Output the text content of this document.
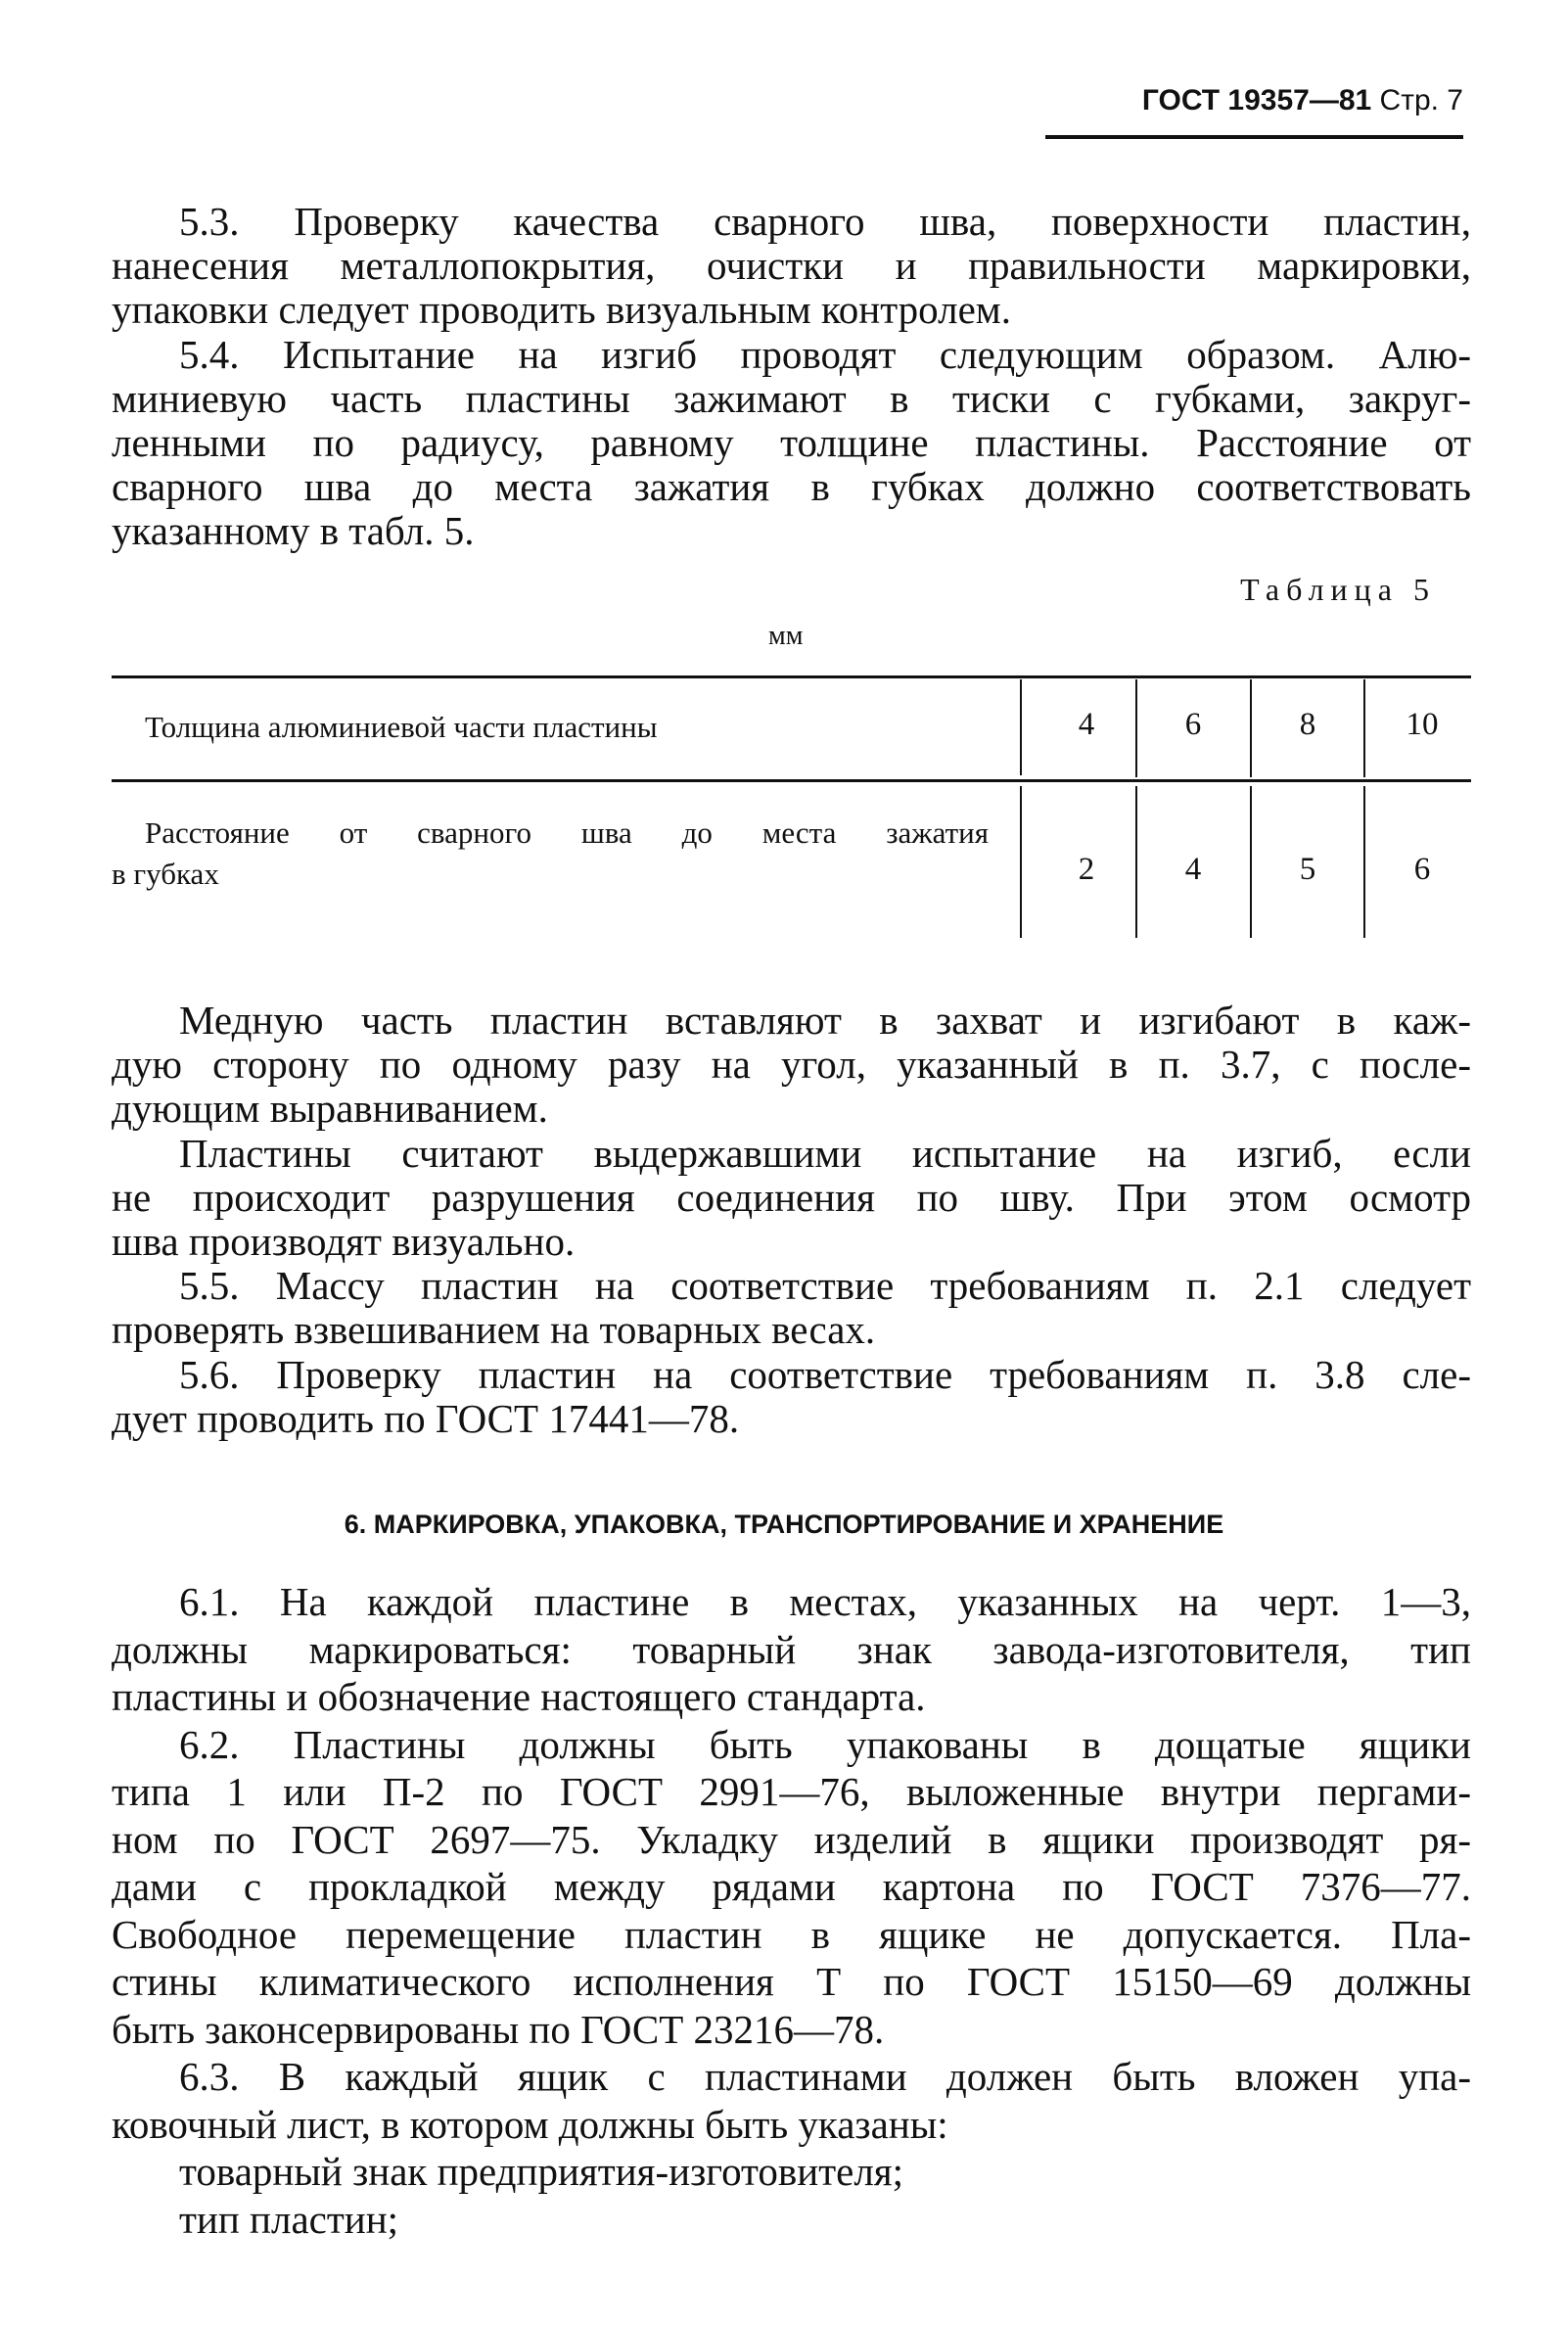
ГОСТ 19357—81 Стр. 7
5.3. Проверку качества сварного шва, поверхности пластин,
нанесения металлопокрытия, очистки и правильности маркировки,
упаковки следует проводить визуальным контролем.
5.4. Испытание на изгиб проводят следующим образом. Алю-
миниевую часть пластины зажимают в тиски с губками, закруг-
ленными по радиусу, равному толщине пластины. Расстояние от
сварного шва до места зажатия в губках должно соответствовать
указанному в табл. 5.
Таблица 5
мм
Толщина алюминиевой части пластины	4	6	8	10
Расстояние от сварного шва до места зажатия
в губках	2	4	5	6
Медную часть пластин вставляют в захват и изгибают в каж-
дую сторону по одному разу на угол, указанный в п. 3.7, с после-
дующим выравниванием.
Пластины считают выдержавшими испытание на изгиб, если
не происходит разрушения соединения по шву. При этом осмотр
шва производят визуально.
5.5. Массу пластин на соответствие требованиям п. 2.1 следует
проверять взвешиванием на товарных весах.
5.6. Проверку пластин на соответствие требованиям п. 3.8 сле-
дует проводить по ГОСТ 17441—78.
6. МАРКИРОВКА, УПАКОВКА, ТРАНСПОРТИРОВАНИЕ И ХРАНЕНИЕ
6.1. На каждой пластине в местах, указанных на черт. 1—3,
должны маркироваться: товарный знак завода-изготовителя, тип
пластины и обозначение настоящего стандарта.
6.2. Пластины должны быть упакованы в дощатые ящики
типа 1 или П-2 по ГОСТ 2991—76, выложенные внутри пергами-
ном по ГОСТ 2697—75. Укладку изделий в ящики производят ря-
дами с прокладкой между рядами картона по ГОСТ 7376—77.
Свободное перемещение пластин в ящике не допускается. Пла-
стины климатического исполнения Т по ГОСТ 15150—69 должны
быть законсервированы по ГОСТ 23216—78.
6.3. В каждый ящик с пластинами должен быть вложен упа-
ковочный лист, в котором должны быть указаны:
товарный знак предприятия-изготовителя;
тип пластин;
